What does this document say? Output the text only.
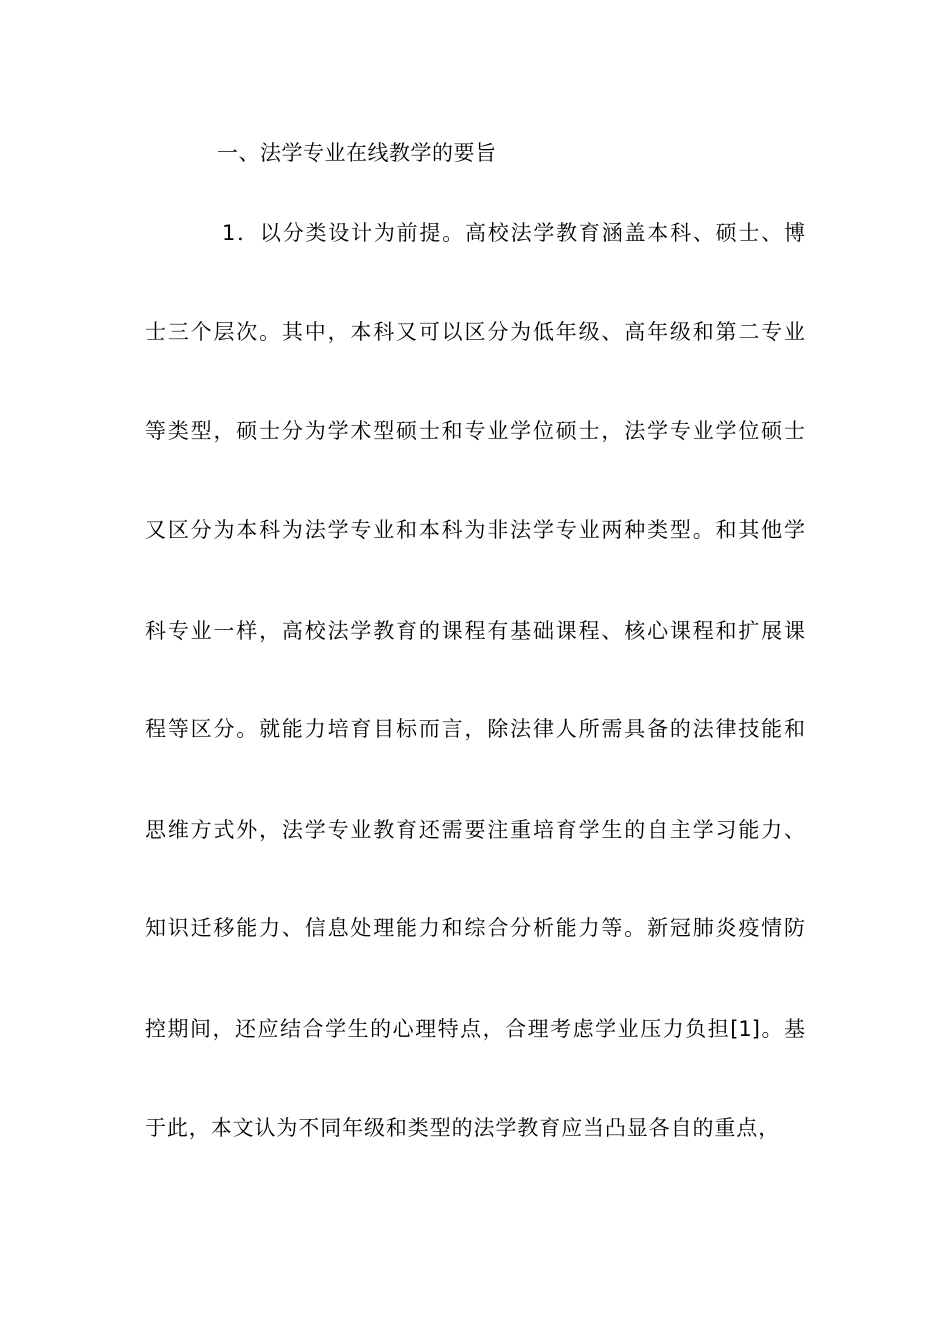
一、法学专业在线教学的要旨
1．以分类设计为前提。高校法学教育涵盖本科、硕士、博
士三个层次。其中，本科又可以区分为低年级、高年级和第二专业
等类型，硕士分为学术型硕士和专业学位硕士，法学专业学位硕士
又区分为本科为法学专业和本科为非法学专业两种类型。和其他学
科专业一样，高校法学教育的课程有基础课程、核心课程和扩展课
程等区分。就能力培育目标而言，除法律人所需具备的法律技能和
思维方式外，法学专业教育还需要注重培育学生的自主学习能力、
知识迁移能力、信息处理能力和综合分析能力等。新冠肺炎疫情防
控期间，还应结合学生的心理特点，合理考虑学业压力负担[1]。基
于此，本文认为不同年级和类型的法学教育应当凸显各自的重点，
